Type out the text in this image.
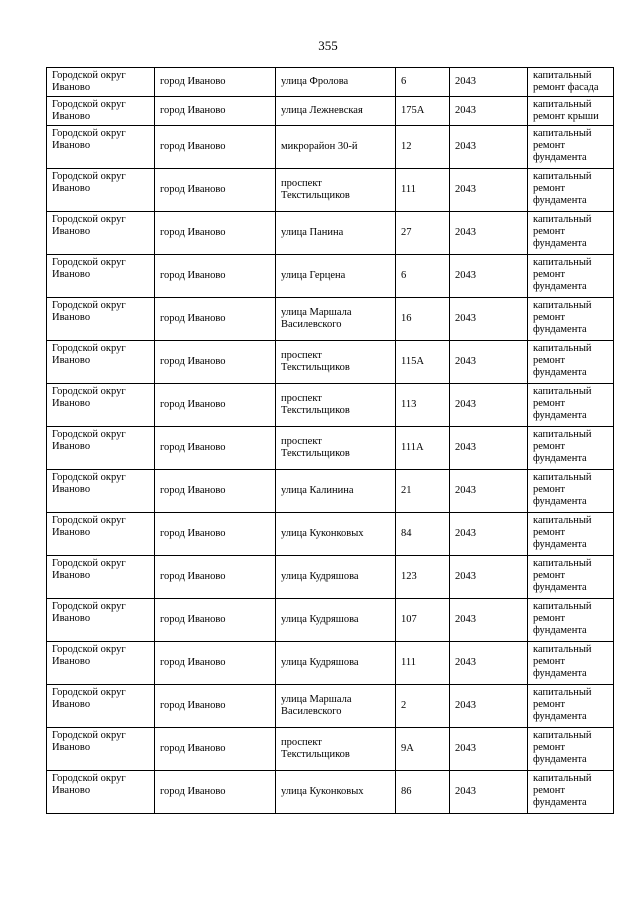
355
Городской округ Иваново	город Иваново	улица Фролова	6	2043	капитальный ремонт фасада
Городской округ Иваново	город Иваново	улица Лежневская	175А	2043	капитальный ремонт крыши
Городской округ Иваново	город Иваново	микрорайон 30-й	12	2043	капитальный ремонт фундамента
Городской округ Иваново	город Иваново	проспект Текстильщиков	111	2043	капитальный ремонт фундамента
Городской округ Иваново	город Иваново	улица Панина	27	2043	капитальный ремонт фундамента
Городской округ Иваново	город Иваново	улица Герцена	6	2043	капитальный ремонт фундамента
Городской округ Иваново	город Иваново	улица Маршала Василевского	16	2043	капитальный ремонт фундамента
Городской округ Иваново	город Иваново	проспект Текстильщиков	115А	2043	капитальный ремонт фундамента
Городской округ Иваново	город Иваново	проспект Текстильщиков	113	2043	капитальный ремонт фундамента
Городской округ Иваново	город Иваново	проспект Текстильщиков	111А	2043	капитальный ремонт фундамента
Городской округ Иваново	город Иваново	улица Калинина	21	2043	капитальный ремонт фундамента
Городской округ Иваново	город Иваново	улица Куконковых	84	2043	капитальный ремонт фундамента
Городской округ Иваново	город Иваново	улица Кудряшова	123	2043	капитальный ремонт фундамента
Городской округ Иваново	город Иваново	улица Кудряшова	107	2043	капитальный ремонт фундамента
Городской округ Иваново	город Иваново	улица Кудряшова	111	2043	капитальный ремонт фундамента
Городской округ Иваново	город Иваново	улица Маршала Василевского	2	2043	капитальный ремонт фундамента
Городской округ Иваново	город Иваново	проспект Текстильщиков	9А	2043	капитальный ремонт фундамента
Городской округ Иваново	город Иваново	улица Куконковых	86	2043	капитальный ремонт фундамента
